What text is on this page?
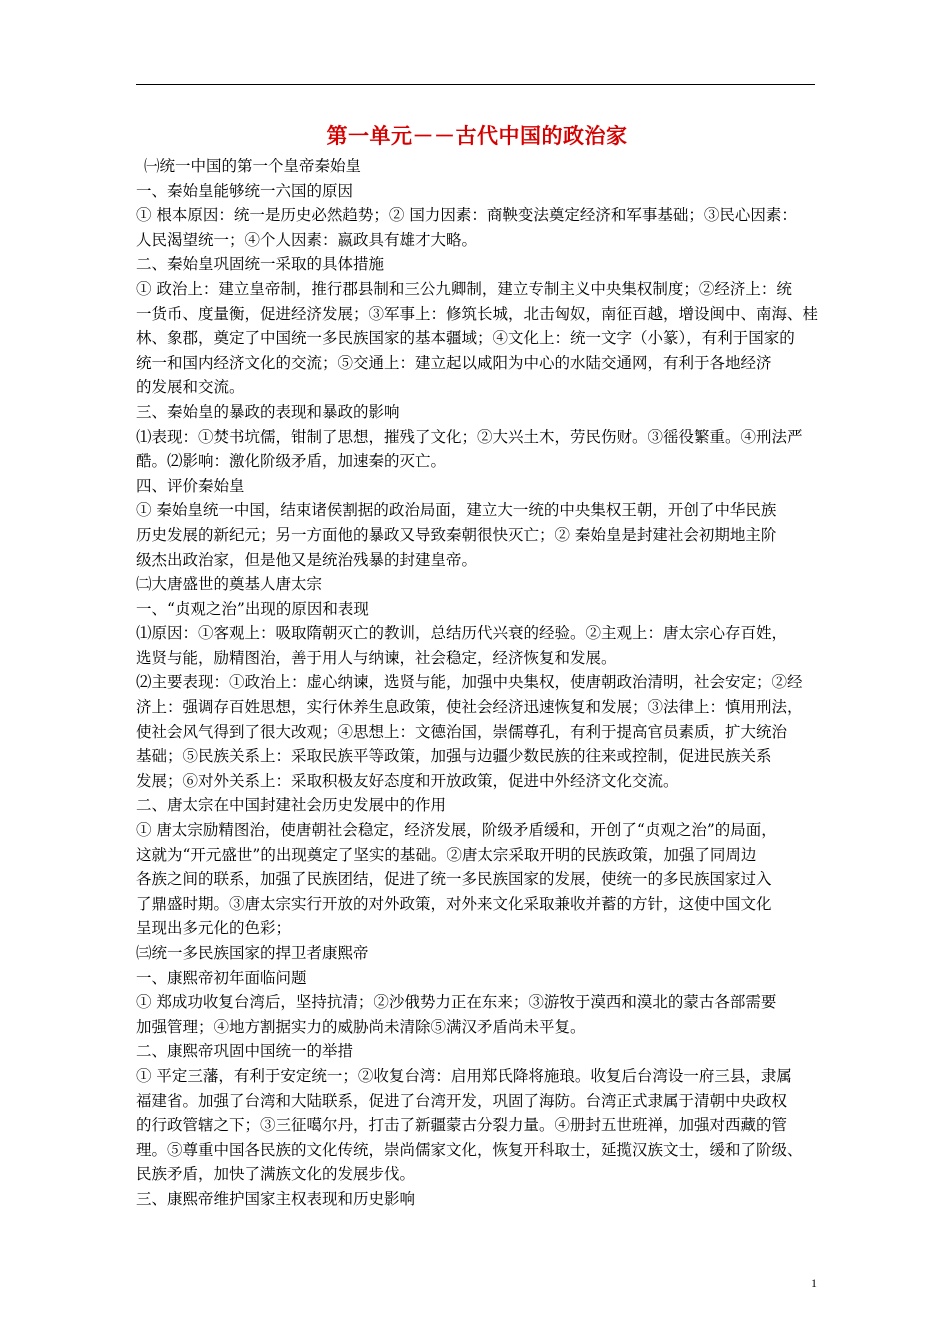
第一单元－－古代中国的政治家
㈠统一中国的第一个皇帝秦始皇
一、秦始皇能够统一六国的原因
① 根本原因：统一是历史必然趋势；② 国力因素：商鞅变法奠定经济和军事基础；③民心因素：
人民渴望统一；④个人因素：嬴政具有雄才大略。
二、秦始皇巩固统一采取的具体措施
① 政治上：建立皇帝制，推行郡县制和三公九卿制，建立专制主义中央集权制度；②经济上：统
一货币、度量衡，促进经济发展；③军事上：修筑长城，北击匈奴，南征百越，增设闽中、南海、桂
林、象郡，奠定了中国统一多民族国家的基本疆域；④文化上：统一文字（小篆），有利于国家的
统一和国内经济文化的交流；⑤交通上：建立起以咸阳为中心的水陆交通网，有利于各地经济
的发展和交流。
三、秦始皇的暴政的表现和暴政的影响
⑴表现：①焚书坑儒，钳制了思想，摧残了文化；②大兴土木，劳民伤财。③徭役繁重。④刑法严
酷。⑵影响：激化阶级矛盾，加速秦的灭亡。
四、评价秦始皇
① 秦始皇统一中国，结束诸侯割据的政治局面，建立大一统的中央集权王朝，开创了中华民族
历史发展的新纪元；另一方面他的暴政又导致秦朝很快灭亡；② 秦始皇是封建社会初期地主阶
级杰出政治家，但是他又是统治残暴的封建皇帝。
㈡大唐盛世的奠基人唐太宗
一、“贞观之治”出现的原因和表现
⑴原因：①客观上：吸取隋朝灭亡的教训，总结历代兴衰的经验。②主观上：唐太宗心存百姓，
选贤与能，励精图治，善于用人与纳谏，社会稳定，经济恢复和发展。
⑵主要表现：①政治上：虚心纳谏，选贤与能，加强中央集权，使唐朝政治清明，社会安定；②经
济上：强调存百姓思想，实行休养生息政策，使社会经济迅速恢复和发展；③法律上：慎用刑法，
使社会风气得到了很大改观；④思想上：文德治国，崇儒尊孔，有利于提高官员素质，扩大统治
基础；⑤民族关系上：采取民族平等政策，加强与边疆少数民族的往来或控制，促进民族关系
发展；⑥对外关系上：采取积极友好态度和开放政策，促进中外经济文化交流。
二、唐太宗在中国封建社会历史发展中的作用
① 唐太宗励精图治，使唐朝社会稳定，经济发展，阶级矛盾缓和，开创了“贞观之治”的局面，
这就为“开元盛世”的出现奠定了坚实的基础。②唐太宗采取开明的民族政策，加强了同周边
各族之间的联系，加强了民族团结，促进了统一多民族国家的发展，使统一的多民族国家过入
了鼎盛时期。③唐太宗实行开放的对外政策，对外来文化采取兼收并蓄的方针，这使中国文化
呈现出多元化的色彩；
㈢统一多民族国家的捍卫者康熙帝
一、康熙帝初年面临问题
① 郑成功收复台湾后，坚持抗清；②沙俄势力正在东来；③游牧于漠西和漠北的蒙古各部需要
加强管理；④地方割据实力的威胁尚未清除⑤满汉矛盾尚未平复。
二、康熙帝巩固中国统一的举措
① 平定三藩，有利于安定统一；②收复台湾：启用郑氏降将施琅。收复后台湾设一府三县，隶属
福建省。加强了台湾和大陆联系，促进了台湾开发，巩固了海防。台湾正式隶属于清朝中央政权
的行政管辖之下；③三征噶尔丹，打击了新疆蒙古分裂力量。④册封五世班禅，加强对西藏的管
理。⑤尊重中国各民族的文化传统，崇尚儒家文化，恢复开科取士，延揽汉族文士，缓和了阶级、
民族矛盾，加快了满族文化的发展步伐。
三、康熙帝维护国家主权表现和历史影响
1
